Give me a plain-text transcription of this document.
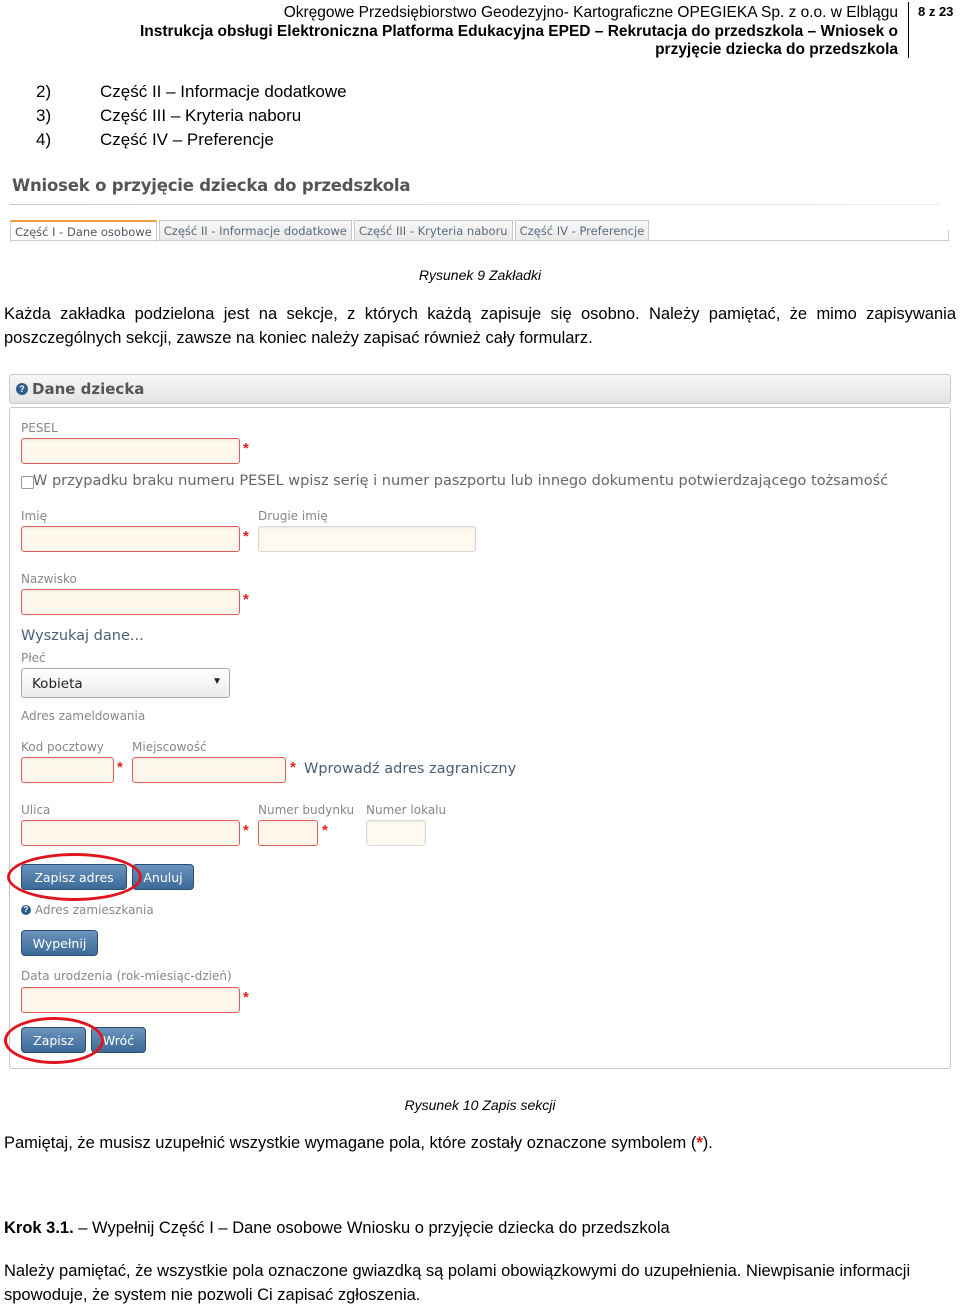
Okręgowe Przedsiębiorstwo Geodezyjno- Kartograficzne OPEGIEKA Sp. z o.o. w Elblągu
Instrukcja obsługi Elektroniczna Platforma Edukacyjna EPED – Rekrutacja do przedszkola – Wniosek o
przyjęcie dziecka do przedszkola
8 z 23
2)	Część II – Informacje dodatkowe
3)	Część III – Kryteria naboru
4)	Część IV – Preferencje
Wniosek o przyjęcie dziecka do przedszkola
Część I - Dane osobowe	Część II - Informacje dodatkowe	Część III - Kryteria naboru	Część IV - Preferencje
Rysunek 9 Zakładki
Każda zakładka podzielona jest na sekcje, z których każdą zapisuje się osobno. Należy pamiętać, że mimo zapisywania poszczególnych sekcji, zawsze na koniec należy zapisać również cały formularz.
? Dane dziecka
PESEL
*
W przypadku braku numeru PESEL wpisz serię i numer paszportu lub innego dokumentu potwierdzającego tożsamość
Imię
*
Drugie imię
Nazwisko
*
Wyszukaj dane...
Płeć
Kobieta	▼
Adres zameldowania
Kod pocztowy
*
Miejscowość
* Wprowadź adres zagraniczny
Ulica
*
Numer budynku
*
Numer lokalu
Zapisz adres	Anuluj
? Adres zamieszkania
Wypełnij
Data urodzenia (rok-miesiąc-dzień)
*
Zapisz	Wróć
Rysunek 10 Zapis sekcji
Pamiętaj, że musisz uzupełnić wszystkie wymagane pola, które zostały oznaczone symbolem (*).
Krok 3.1. – Wypełnij Część I – Dane osobowe Wniosku o przyjęcie dziecka do przedszkola
Należy pamiętać, że wszystkie pola oznaczone gwiazdką są polami obowiązkowymi do uzupełnienia. Niewpisanie informacji spowoduje, że system nie pozwoli Ci zapisać zgłoszenia.
